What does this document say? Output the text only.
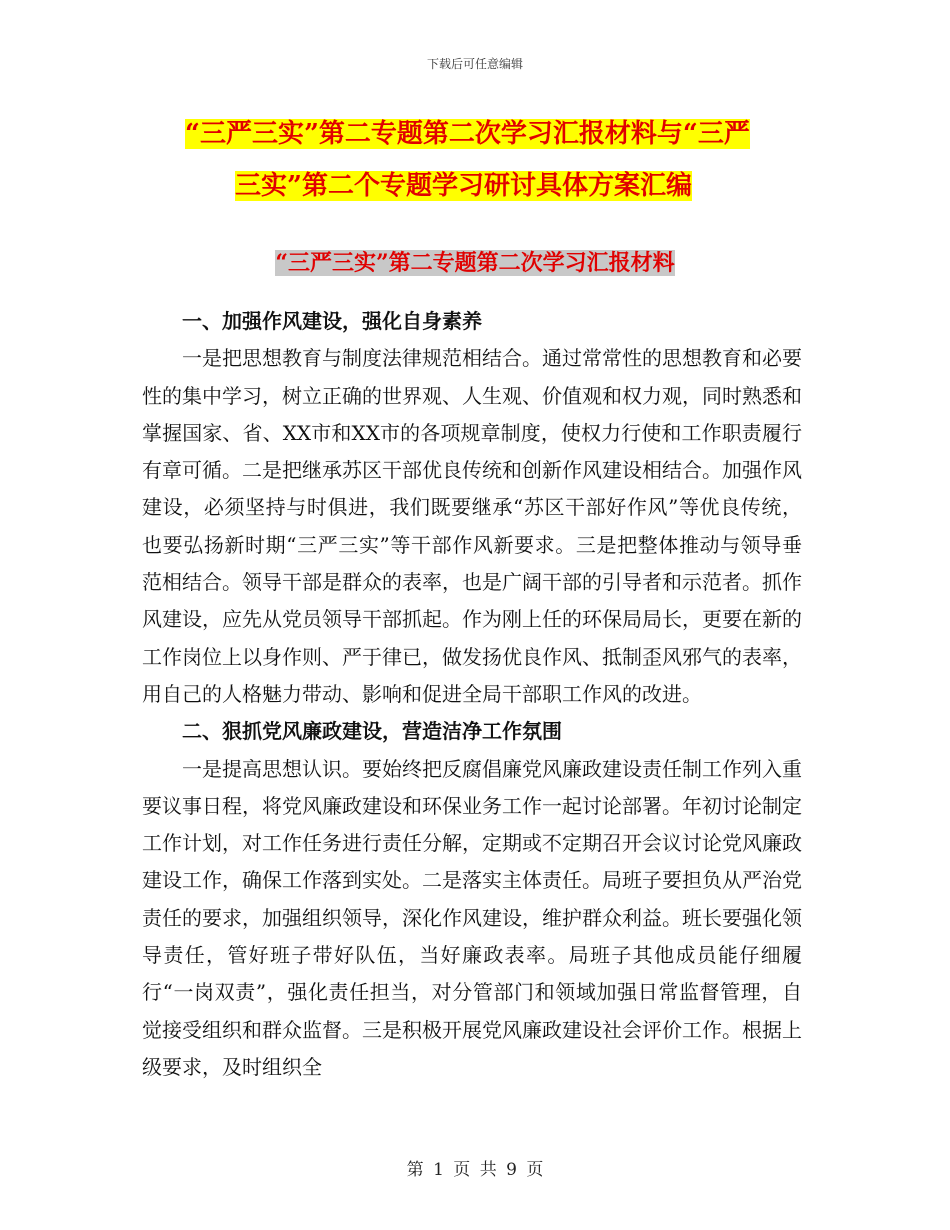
下载后可任意编辑
“三严三实”第二专题第二次学习汇报材料与“三严
三实”第二个专题学习研讨具体方案汇编
“三严三实”第二专题第二次学习汇报材料
一、加强作风建设，强化自身素养

一是把思想教育与制度法律规范相结合。通过常常性的思想教育和必要性的集中学习，树立正确的世界观、人生观、价值观和权力观，同时熟悉和掌握国家、省、XX市和XX市的各项规章制度，使权力行使和工作职责履行有章可循。二是把继承苏区干部优良传统和创新作风建设相结合。加强作风建设，必须坚持与时俱进，我们既要继承“苏区干部好作风”等优良传统，也要弘扬新时期“三严三实”等干部作风新要求。三是把整体推动与领导垂范相结合。领导干部是群众的表率，也是广阔干部的引导者和示范者。抓作风建设，应先从党员领导干部抓起。作为刚上任的环保局局长，更要在新的工作岗位上以身作则、严于律已，做发扬优良作风、抵制歪风邪气的表率，用自己的人格魅力带动、影响和促进全局干部职工作风的改进。

二、狠抓党风廉政建设，营造洁净工作氛围

一是提高思想认识。要始终把反腐倡廉党风廉政建设责任制工作列入重要议事日程，将党风廉政建设和环保业务工作一起讨论部署。年初讨论制定工作计划，对工作任务进行责任分解，定期或不定期召开会议讨论党风廉政建设工作，确保工作落到实处。二是落实主体责任。局班子要担负从严治党责任的要求，加强组织领导，深化作风建设，维护群众利益。班长要强化领导责任，管好班子带好队伍，当好廉政表率。局班子其他成员能仔细履行“一岗双责”，强化责任担当，对分管部门和领域加强日常监督管理，自觉接受组织和群众监督。三是积极开展党风廉政建设社会评价工作。根据上级要求，及时组织全

第 1 页 共 9 页
